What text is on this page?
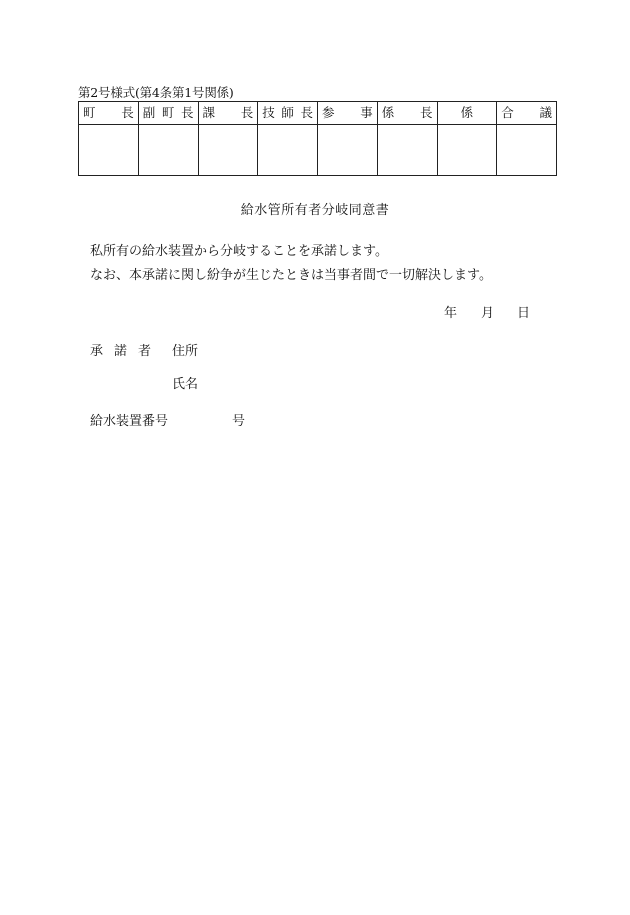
第2号様式(第4条第1号関係)
町 長	副 町 長	課 長	技 師 長	参 事	係 長	係	合 議

給水管所有者分岐同意書
私所有の給水装置から分岐することを承諾します。
なお、本承諾に関し紛争が生じたときは当事者間で一切解決します。
年 月 日
承諾者 住所
氏名
給水装置番号	号
